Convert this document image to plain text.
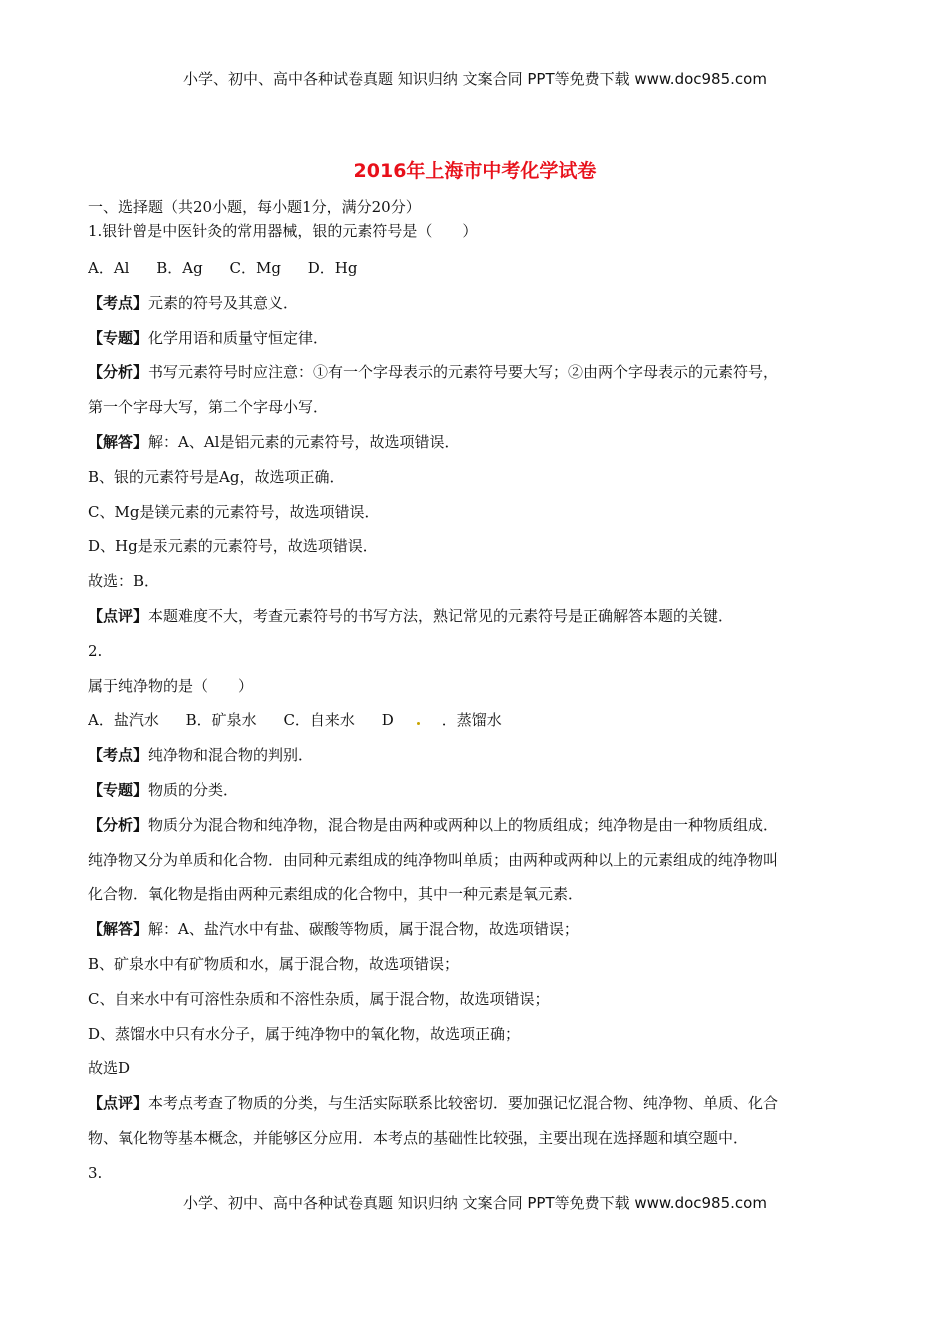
小学、初中、高中各种试卷真题 知识归纳 文案合同 PPT等免费下载 www.doc985.com
2016年上海市中考化学试卷
一、选择题（共20小题，每小题1分，满分20分）
1.银针曾是中医针灸的常用器械，银的元素符号是（　　）
A．Al B．Ag C．Mg D．Hg
【考点】元素的符号及其意义．
【专题】化学用语和质量守恒定律．
【分析】书写元素符号时应注意：①有一个字母表示的元素符号要大写；②由两个字母表示的元素符号，
第一个字母大写，第二个字母小写．
【解答】解：A、Al是铝元素的元素符号，故选项错误．
B、银的元素符号是Ag，故选项正确．
C、Mg是镁元素的元素符号，故选项错误．
D、Hg是汞元素的元素符号，故选项错误．
故选：B．
【点评】本题难度不大，考查元素符号的书写方法，熟记常见的元素符号是正确解答本题的关键．
2.
属于纯净物的是（　　）
A．盐汽水 B．矿泉水 C．自来水 D	．蒸馏水
【考点】纯净物和混合物的判别．
【专题】物质的分类．
【分析】物质分为混合物和纯净物，混合物是由两种或两种以上的物质组成；纯净物是由一种物质组成．
纯净物又分为单质和化合物．由同种元素组成的纯净物叫单质；由两种或两种以上的元素组成的纯净物叫
化合物．氧化物是指由两种元素组成的化合物中，其中一种元素是氧元素．
【解答】解：A、盐汽水中有盐、碳酸等物质，属于混合物，故选项错误；
B、矿泉水中有矿物质和水，属于混合物，故选项错误；
C、自来水中有可溶性杂质和不溶性杂质，属于混合物，故选项错误；
D、蒸馏水中只有水分子，属于纯净物中的氧化物，故选项正确；
故选D
【点评】本考点考查了物质的分类，与生活实际联系比较密切．要加强记忆混合物、纯净物、单质、化合
物、氧化物等基本概念，并能够区分应用．本考点的基础性比较强，主要出现在选择题和填空题中．
3.
小学、初中、高中各种试卷真题 知识归纳 文案合同 PPT等免费下载 www.doc985.com
